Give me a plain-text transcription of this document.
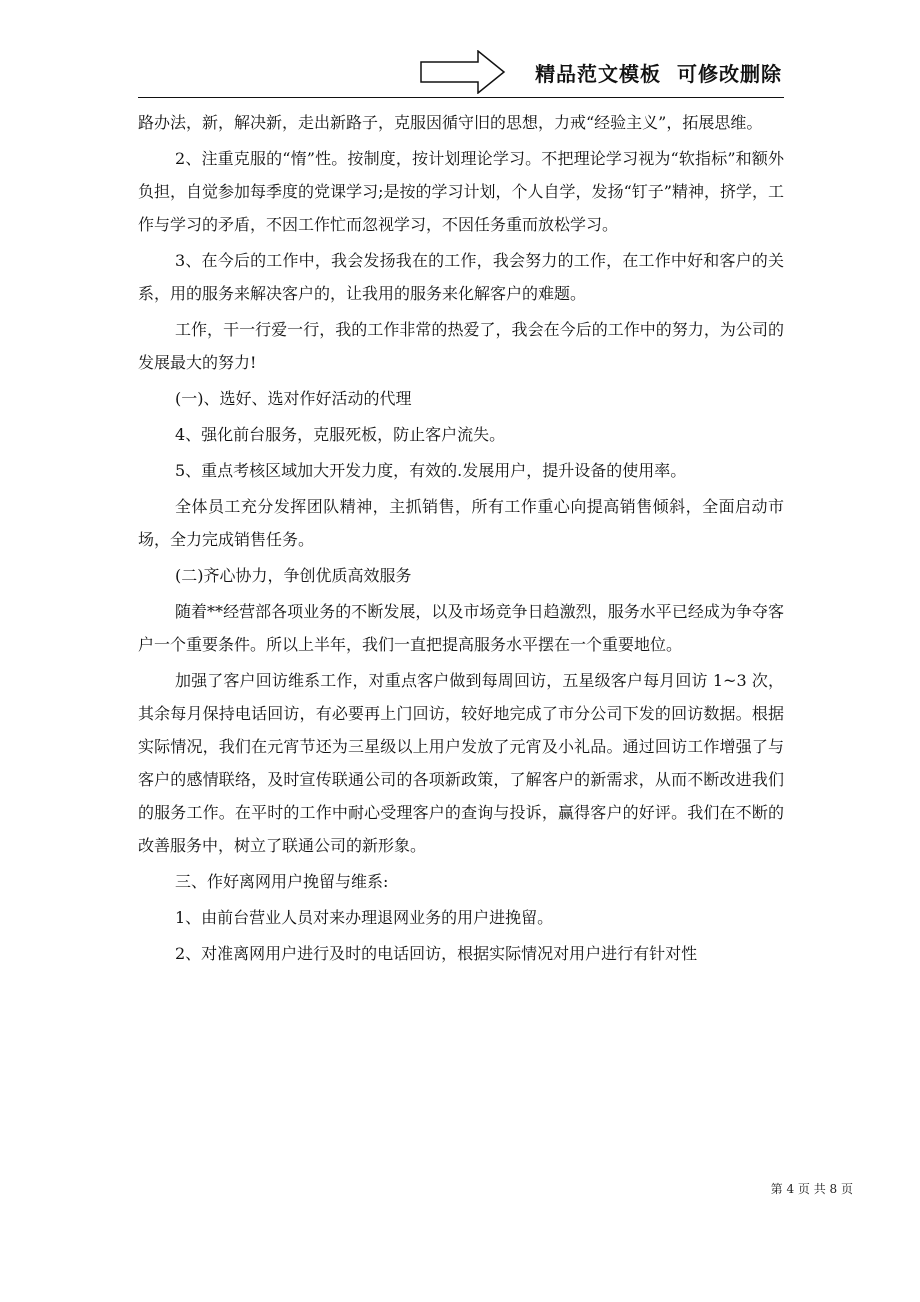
精品范文模板  可修改删除

路办法，新，解决新，走出新路子，克服因循守旧的思想，力戒“经验主义”，拓展思维。

2、注重克服的“惰”性。按制度，按计划理论学习。不把理论学习视为“软指标”和额外负担，自觉参加每季度的党课学习;是按的学习计划，个人自学，发扬“钉子”精神，挤学，工作与学习的矛盾，不因工作忙而忽视学习，不因任务重而放松学习。

3、在今后的工作中，我会发扬我在的工作，我会努力的工作，在工作中好和客户的关系，用的服务来解决客户的，让我用的服务来化解客户的难题。

工作，干一行爱一行，我的工作非常的热爱了，我会在今后的工作中的努力，为公司的发展最大的努力!

(一)、选好、选对作好活动的代理

4、强化前台服务，克服死板，防止客户流失。

5、重点考核区域加大开发力度，有效的.发展用户，提升设备的使用率。

全体员工充分发挥团队精神，主抓销售，所有工作重心向提高销售倾斜，全面启动市场，全力完成销售任务。

(二)齐心协力，争创优质高效服务

随着**经营部各项业务的不断发展，以及市场竞争日趋激烈，服务水平已经成为争夺客户一个重要条件。所以上半年，我们一直把提高服务水平摆在一个重要地位。

加强了客户回访维系工作，对重点客户做到每周回访，五星级客户每月回访 1~3 次，其余每月保持电话回访，有必要再上门回访，较好地完成了市分公司下发的回访数据。根据实际情况，我们在元宵节还为三星级以上用户发放了元宵及小礼品。通过回访工作增强了与客户的感情联络，及时宣传联通公司的各项新政策，了解客户的新需求，从而不断改进我们的服务工作。在平时的工作中耐心受理客户的查询与投诉，赢得客户的好评。我们在不断的改善服务中，树立了联通公司的新形象。

三、作好离网用户挽留与维系:

1、由前台营业人员对来办理退网业务的用户进挽留。

2、对准离网用户进行及时的电话回访，根据实际情况对用户进行有针对性

第 4 页 共 8 页
